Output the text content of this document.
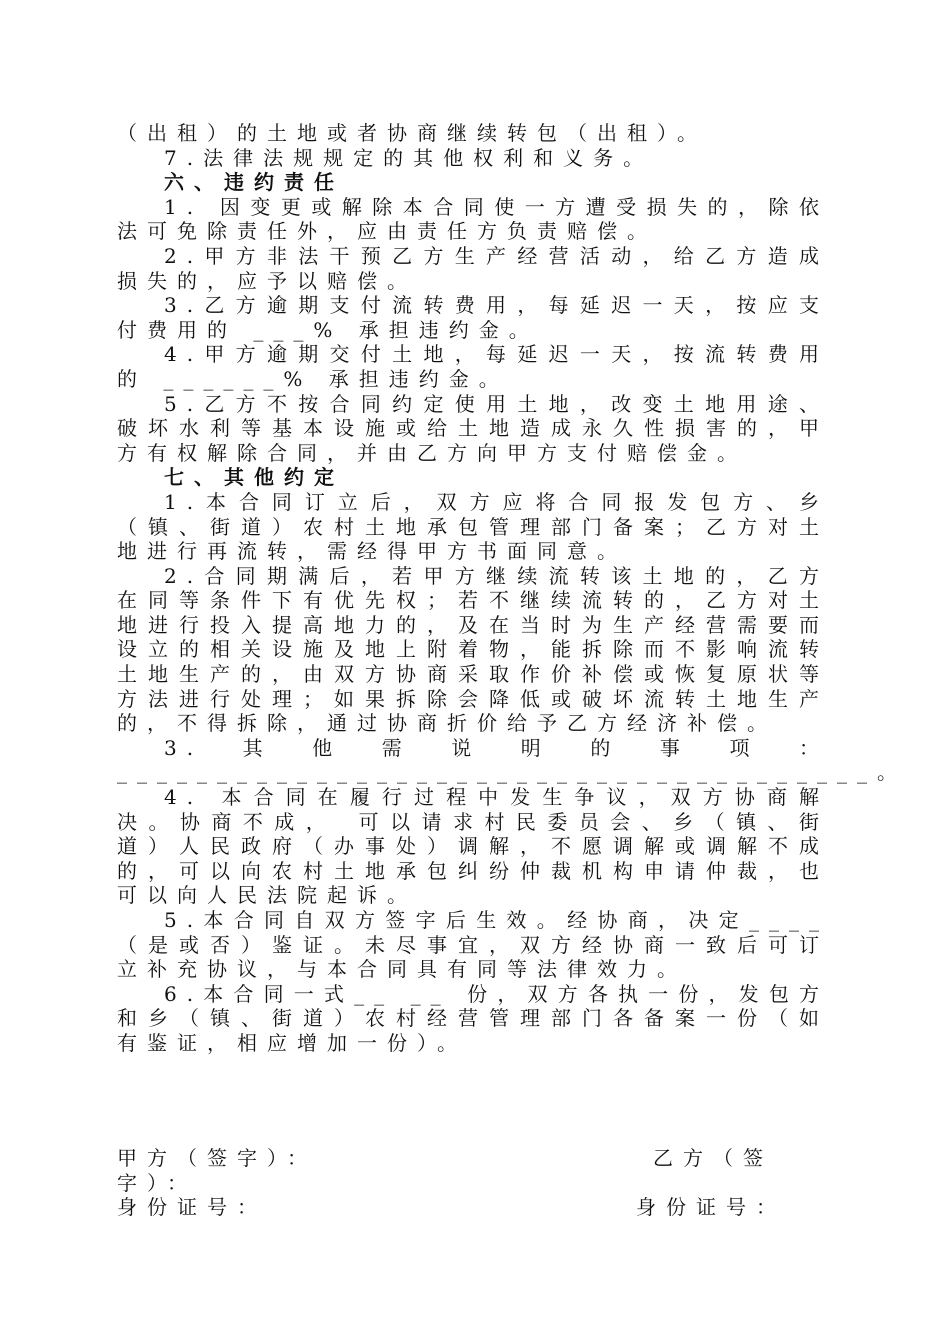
（出租）的土地或者协商继续转包（出租）。

7.法律法规规定的其他权利和义务。

六、违约责任

1. 因变更或解除本合同使一方遭受损失的，除依法可免除责任外，应由责任方负责赔偿。

2.甲方非法干预乙方生产经营活动，给乙方造成损失的，应予以赔偿。

3.乙方逾期支付流转费用，每延迟一天，按应支付费用的 ___% 承担违约金。

4.甲方逾期交付土地，每延迟一天，按流转费用的 ______% 承担违约金。

5.乙方不按合同约定使用土地，改变土地用途、破坏水利等基本设施或给土地造成永久性损害的，甲方有权解除合同，并由乙方向甲方支付赔偿金。

七、其他约定

1.本合同订立后，双方应将合同报发包方、乡（镇、街道）农村土地承包管理部门备案；乙方对土地进行再流转，需经得甲方书面同意。

2.合同期满后，若甲方继续流转该土地的，乙方在同等条件下有优先权；若不继续流转的，乙方对土地进行投入提高地力的，及在当时为生产经营需要而设立的相关设施及地上附着物，能拆除而不影响流转土地生产的，由双方协商采取作价补偿或恢复原状等方法进行处理；如果拆除会降低或破坏流转土地生产的，不得拆除，通过协商折价给予乙方经济补偿。

3.其他需说明的事项：______________________________________。

4. 本合同在履行过程中发生争议，双方协商解决。协商不成，　可以请求村民委员会、乡（镇、街道）人民政府（办事处）调解，不愿调解或调解不成的，可以向农村土地承包纠纷仲裁机构申请仲裁，也可以向人民法院起诉。

5.本合同自双方签字后生效。经协商，决定____（是或否）鉴证。未尽事宜，双方经协商一致后可订立补充协议，与本合同具有同等法律效力。

6.本合同一式__ __ 份，双方各执一份，发包方和乡（镇、街道）农村经营管理部门各备案一份（如有鉴证，相应增加一份）。

甲方（签字）：	乙方（签
字）：
身份证号：	身份证号：
